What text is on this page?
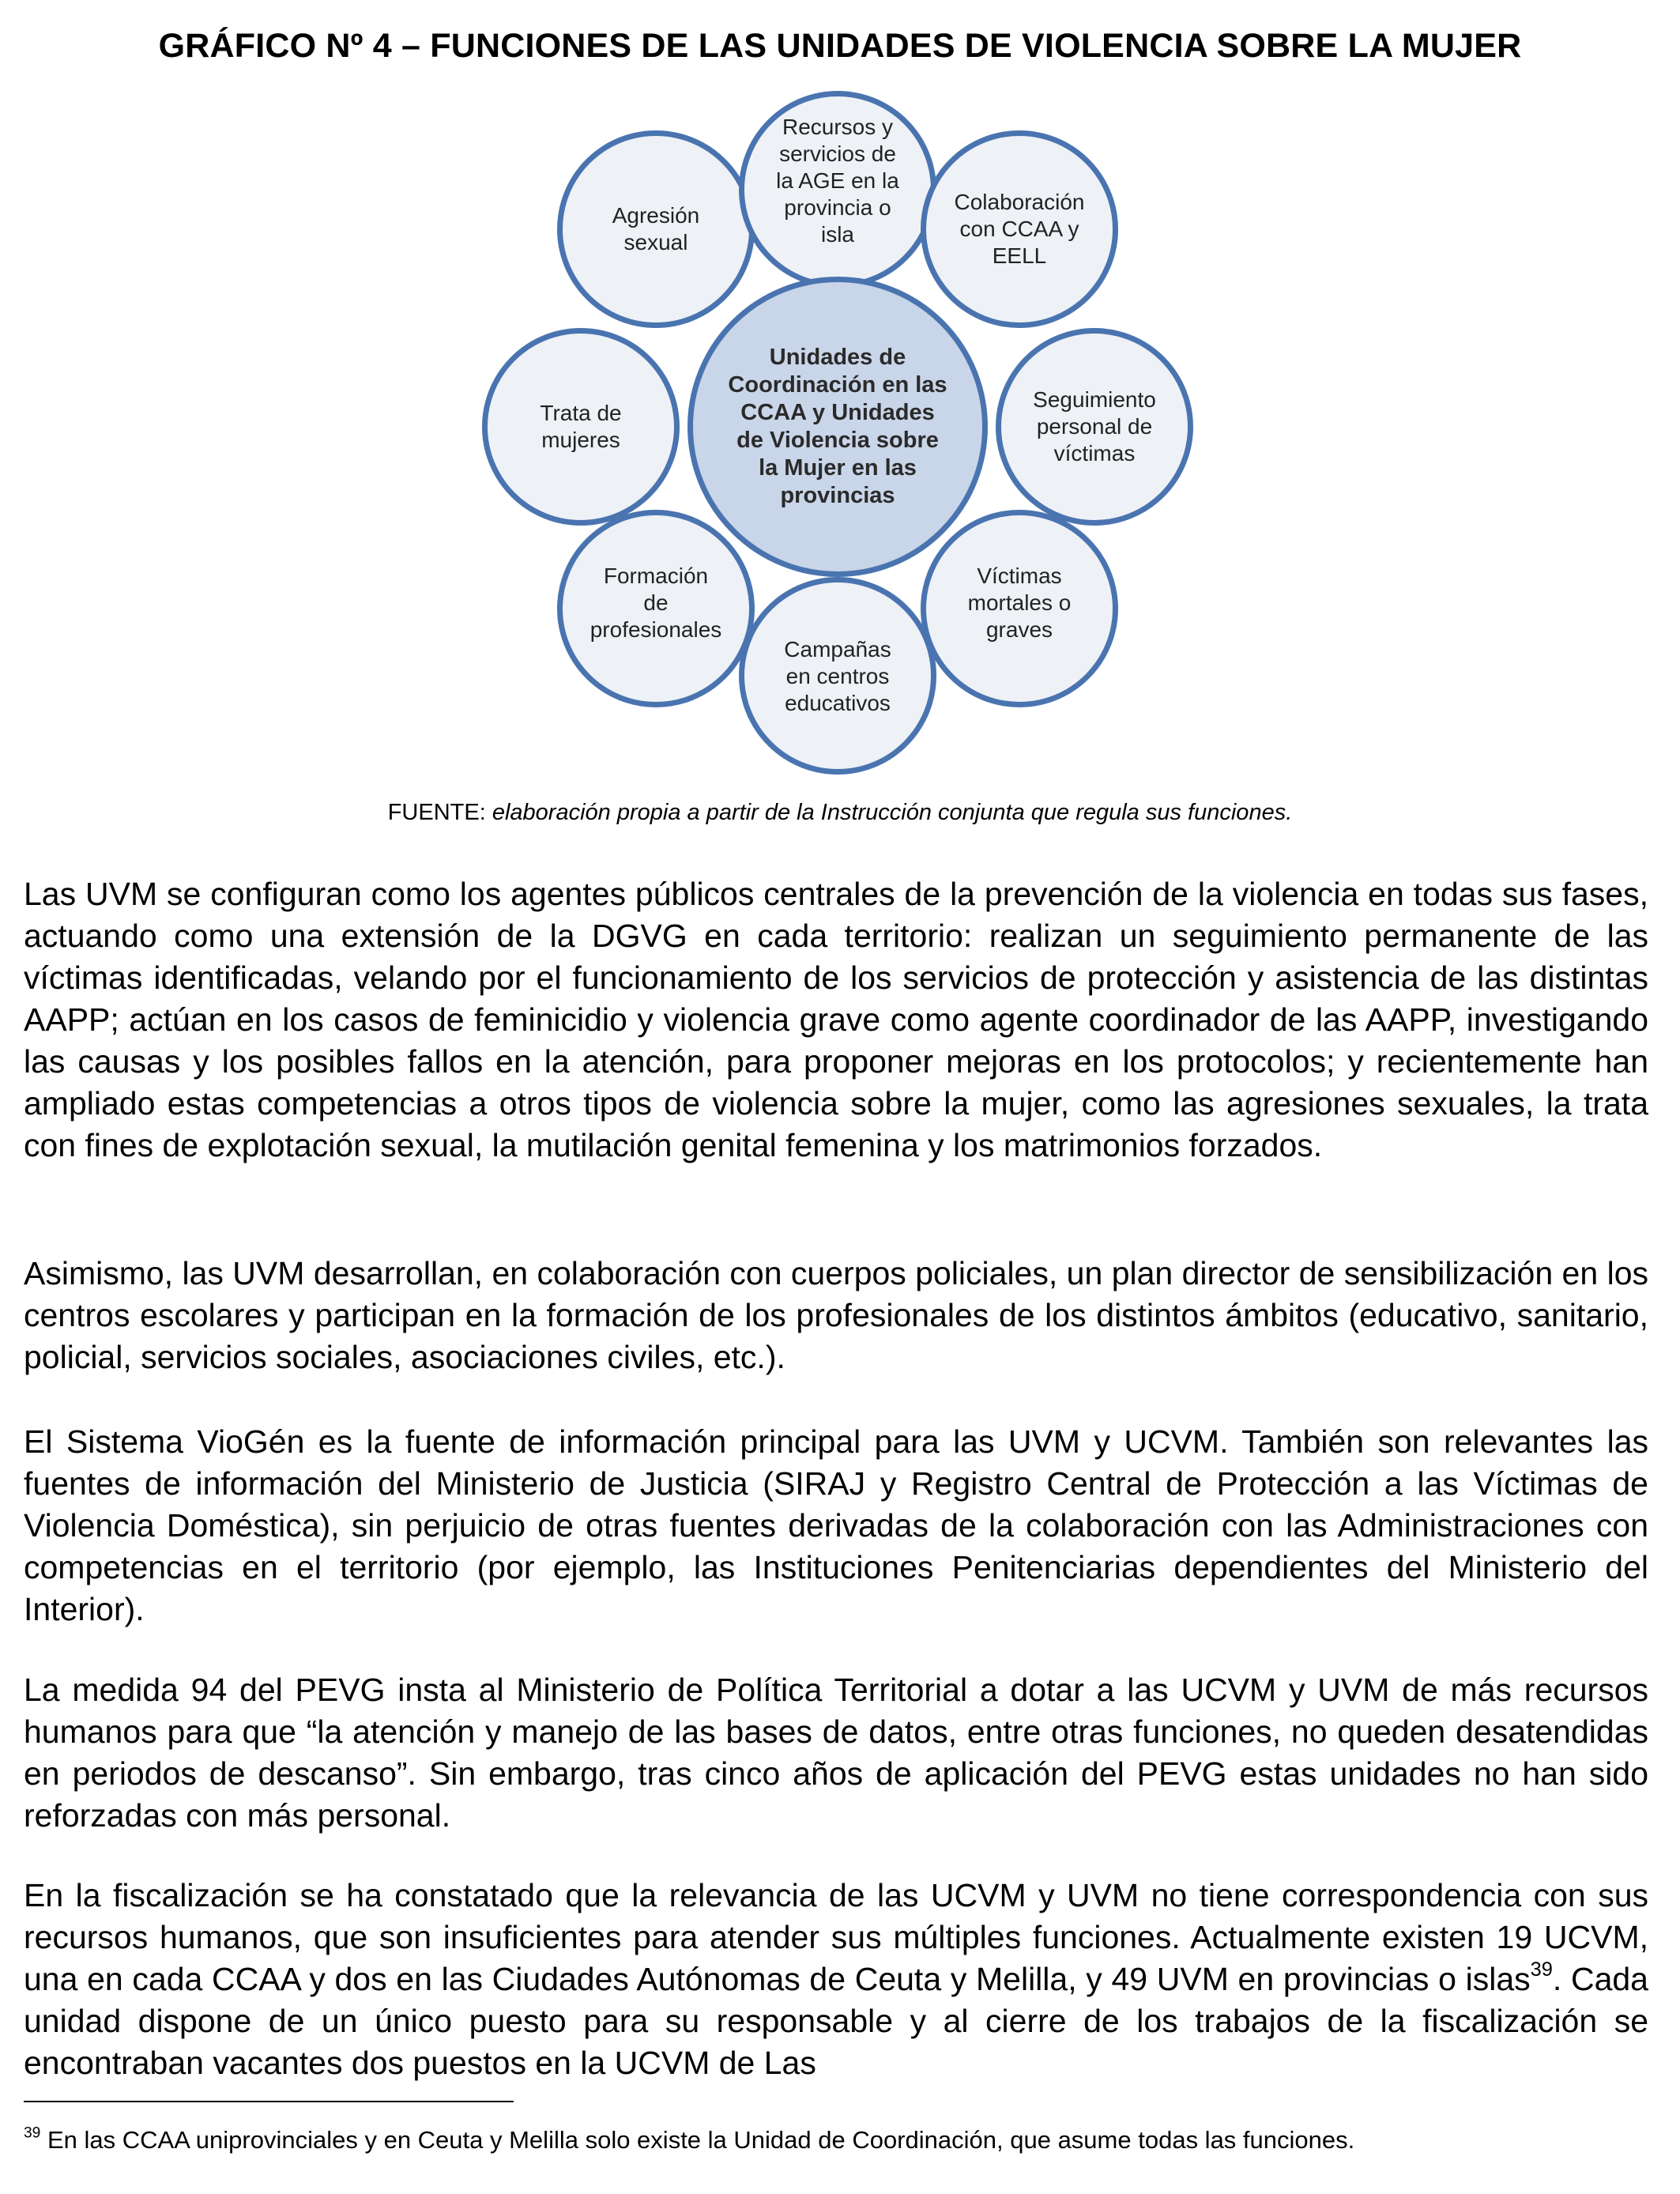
GRÁFICO Nº 4 – FUNCIONES DE LAS UNIDADES DE VIOLENCIA SOBRE LA MUJER
Agresión
sexual
Recursos y
servicios de
la AGE en la
provincia o
isla
Colaboración
con CCAA y
EELL
Trata de
mujeres
Seguimiento
personal de
víctimas
Formación
de
profesionales
Víctimas
mortales o
graves
Campañas
en centros
educativos
Unidades de
Coordinación en las
CCAA y Unidades
de Violencia sobre
la Mujer en las
provincias
FUENTE: elaboración propia a partir de la Instrucción conjunta que regula sus funciones.
Las UVM se configuran como los agentes públicos centrales de la prevención de la violencia en todas sus fases, actuando como una extensión de la DGVG en cada territorio: realizan un seguimiento permanente de las víctimas identificadas, velando por el funcionamiento de los servicios de protección y asistencia de las distintas AAPP; actúan en los casos de feminicidio y violencia grave como agente coordinador de las AAPP, investigando las causas y los posibles fallos en la atención, para proponer mejoras en los protocolos; y recientemente han ampliado estas competencias a otros tipos de violencia sobre la mujer, como las agresiones sexuales, la trata con fines de explotación sexual, la mutilación genital femenina y los matrimonios forzados.
Asimismo, las UVM desarrollan, en colaboración con cuerpos policiales, un plan director de sensibilización en los centros escolares y participan en la formación de los profesionales de los distintos ámbitos (educativo, sanitario, policial, servicios sociales, asociaciones civiles, etc.).
El Sistema VioGén es la fuente de información principal para las UVM y UCVM. También son relevantes las fuentes de información del Ministerio de Justicia (SIRAJ y Registro Central de Protección a las Víctimas de Violencia Doméstica), sin perjuicio de otras fuentes derivadas de la colaboración con las Administraciones con competencias en el territorio (por ejemplo, las Instituciones Penitenciarias dependientes del Ministerio del Interior).
La medida 94 del PEVG insta al Ministerio de Política Territorial a dotar a las UCVM y UVM de más recursos humanos para que “la atención y manejo de las bases de datos, entre otras funciones, no queden desatendidas en periodos de descanso”. Sin embargo, tras cinco años de aplicación del PEVG estas unidades no han sido reforzadas con más personal.
En la fiscalización se ha constatado que la relevancia de las UCVM y UVM no tiene correspondencia con sus recursos humanos, que son insuficientes para atender sus múltiples funciones. Actualmente existen 19 UCVM, una en cada CCAA y dos en las Ciudades Autónomas de Ceuta y Melilla, y 49 UVM en provincias o islas$^{39}$. Cada unidad dispone de un único puesto para su responsable y al cierre de los trabajos de la fiscalización se encontraban vacantes dos puestos en la UCVM de Las
$^{39}$ En las CCAA uniprovinciales y en Ceuta y Melilla solo existe la Unidad de Coordinación, que asume todas las funciones.
